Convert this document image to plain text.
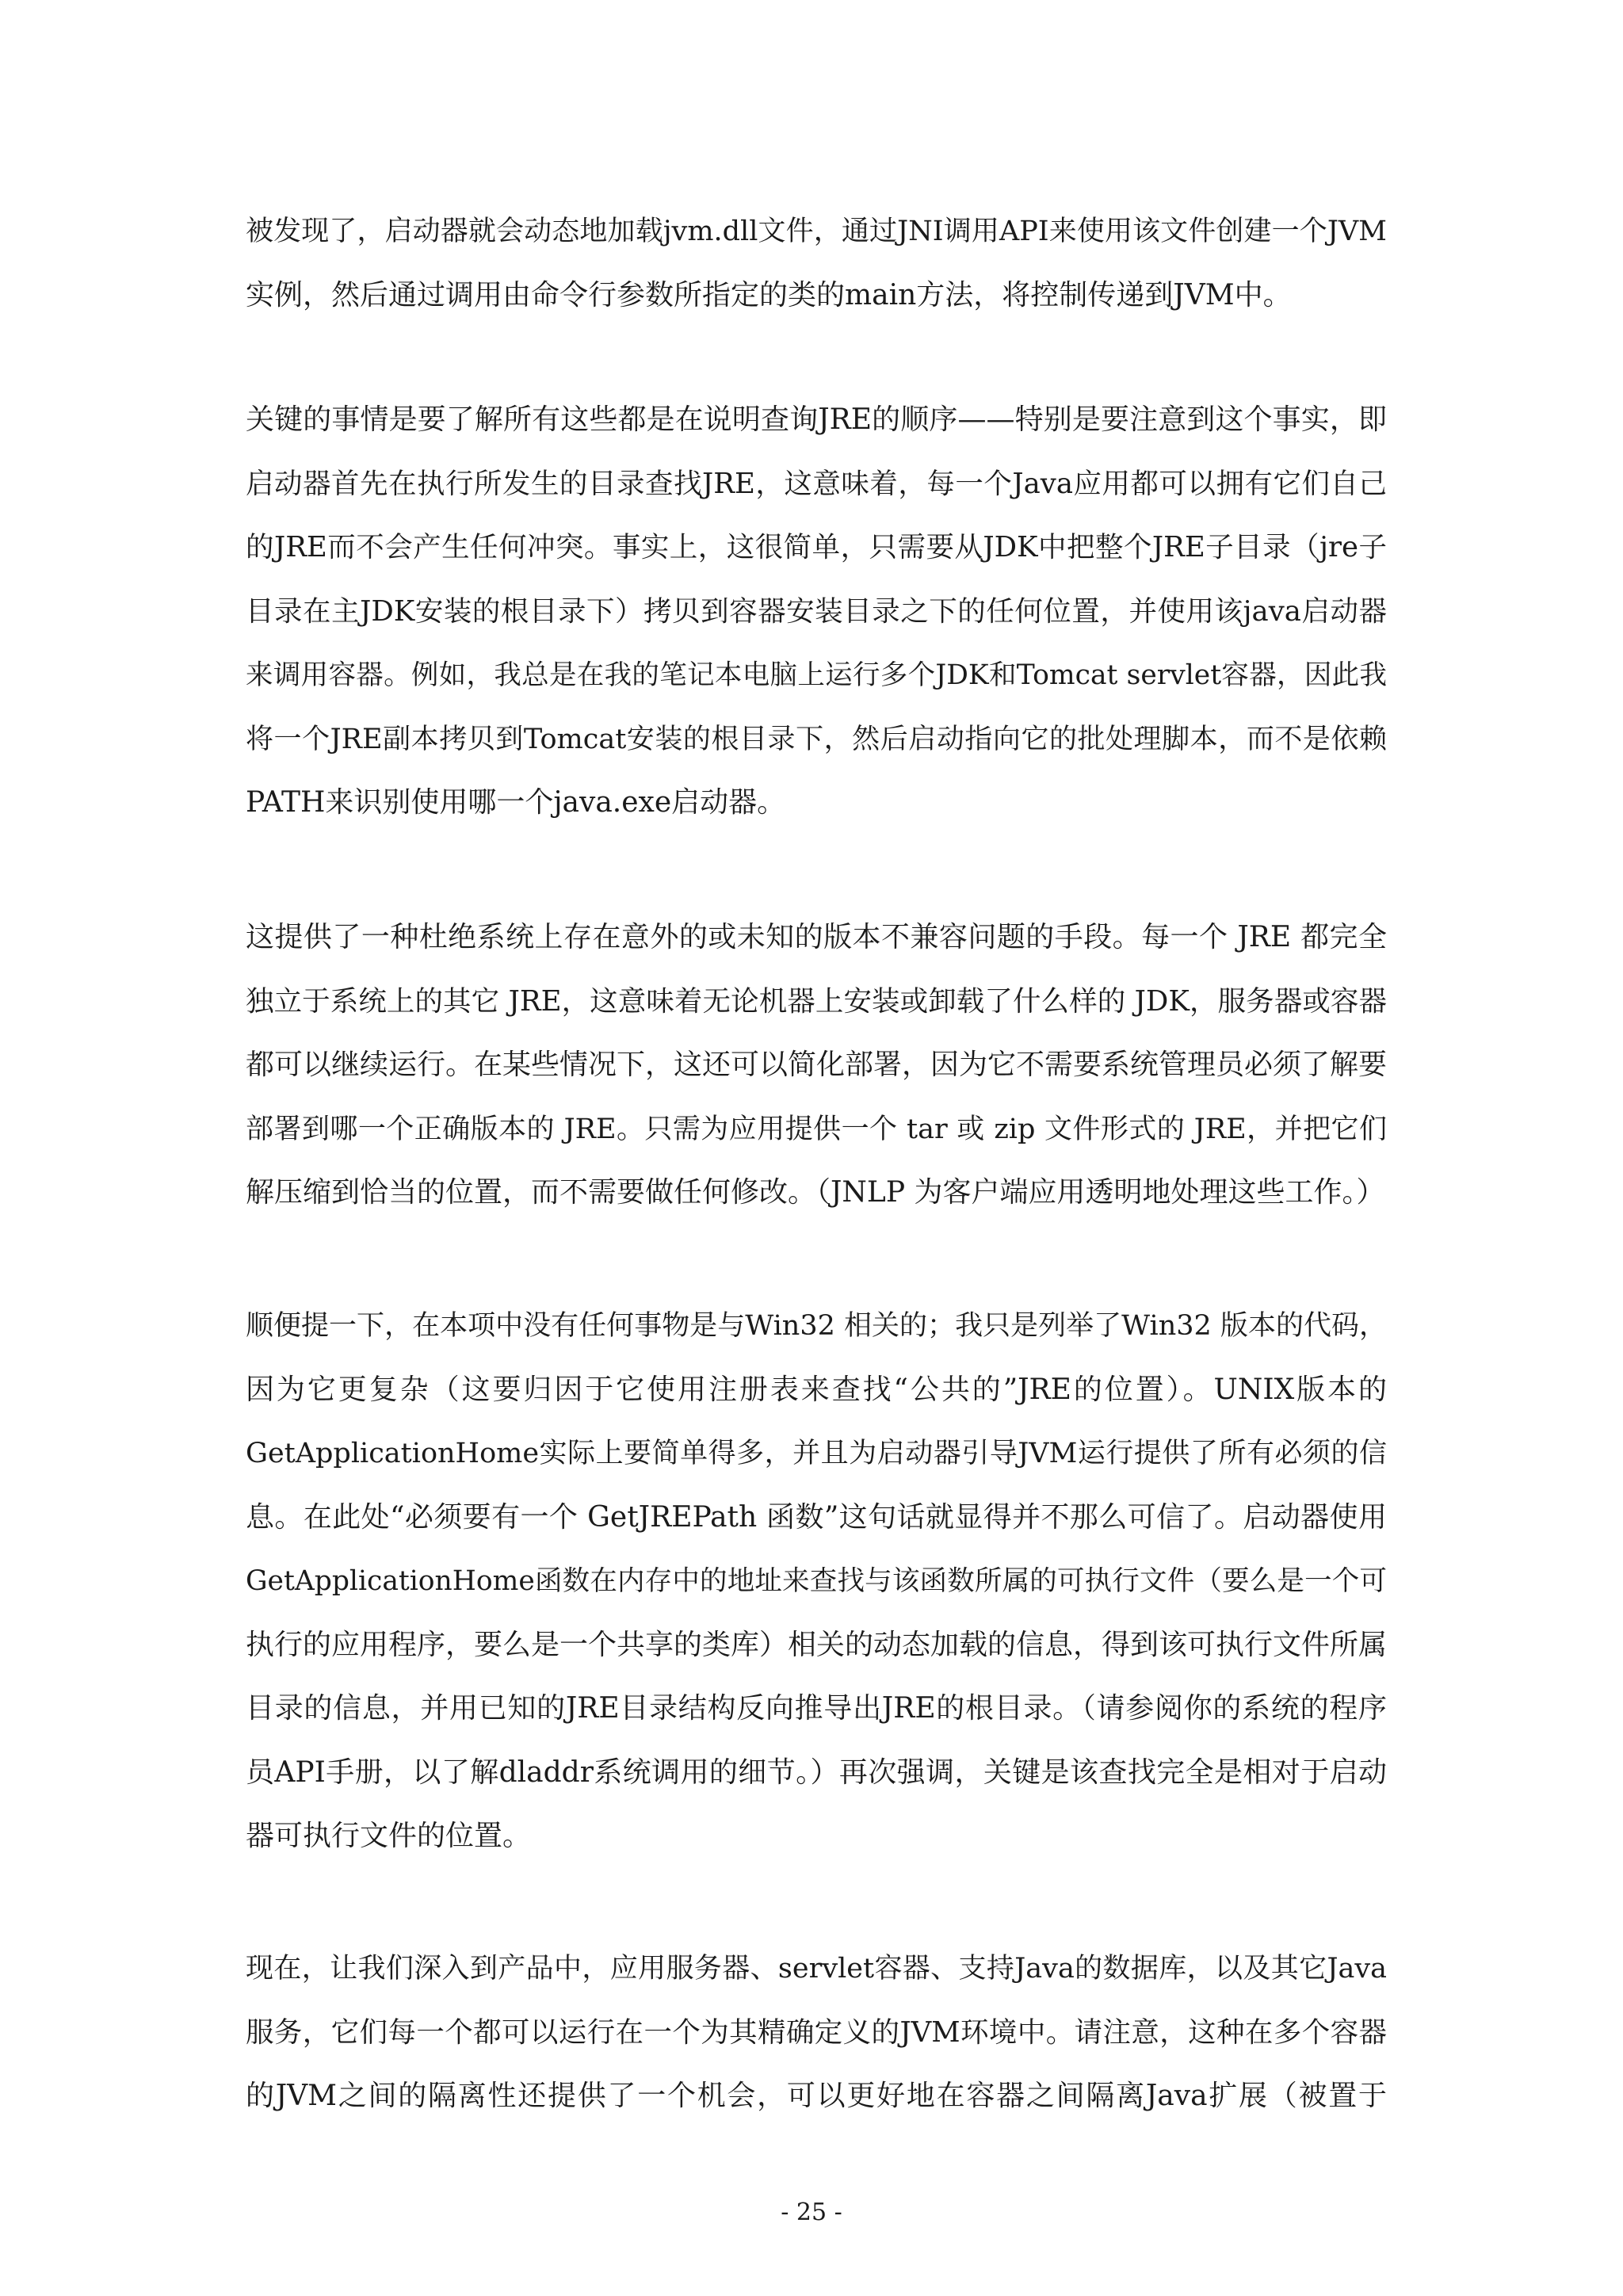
被发现了，启动器就会动态地加载jvm.dll文件，通过JNI调用API来使用该文件创建一个JVM
实例，然后通过调用由命令行参数所指定的类的main方法，将控制传递到JVM中。
关键的事情是要了解所有这些都是在说明查询JRE的顺序——特别是要注意到这个事实，即
启动器首先在执行所发生的目录查找JRE，这意味着，每一个Java应用都可以拥有它们自己
的JRE而不会产生任何冲突。事实上，这很简单，只需要从JDK中把整个JRE子目录（jre子
目录在主JDK安装的根目录下）拷贝到容器安装目录之下的任何位置，并使用该java启动器
来调用容器。例如，我总是在我的笔记本电脑上运行多个JDK和Tomcat servlet容器，因此我
将一个JRE副本拷贝到Tomcat安装的根目录下，然后启动指向它的批处理脚本，而不是依赖
PATH来识别使用哪一个java.exe启动器。
这提供了一种杜绝系统上存在意外的或未知的版本不兼容问题的手段。每一个 JRE 都完全
独立于系统上的其它 JRE，这意味着无论机器上安装或卸载了什么样的 JDK，服务器或容器
都可以继续运行。在某些情况下，这还可以简化部署，因为它不需要系统管理员必须了解要
部署到哪一个正确版本的 JRE。只需为应用提供一个 tar 或 zip 文件形式的 JRE，并把它们
解压缩到恰当的位置，而不需要做任何修改。（JNLP 为客户端应用透明地处理这些工作。）
顺便提一下，在本项中没有任何事物是与Win32 相关的；我只是列举了Win32 版本的代码，
因为它更复杂（这要归因于它使用注册表来查找“公共的”JRE的位置）。UNIX版本的
GetApplicationHome实际上要简单得多，并且为启动器引导JVM运行提供了所有必须的信
息。在此处“必须要有一个 GetJREPath 函数”这句话就显得并不那么可信了。启动器使用
GetApplicationHome函数在内存中的地址来查找与该函数所属的可执行文件（要么是一个可
执行的应用程序，要么是一个共享的类库）相关的动态加载的信息，得到该可执行文件所属
目录的信息，并用已知的JRE目录结构反向推导出JRE的根目录。（请参阅你的系统的程序
员API手册，以了解dladdr系统调用的细节。）再次强调，关键是该查找完全是相对于启动
器可执行文件的位置。
现在，让我们深入到产品中，应用服务器、servlet容器、支持Java的数据库，以及其它Java
服务，它们每一个都可以运行在一个为其精确定义的JVM环境中。请注意，这种在多个容器
的JVM之间的隔离性还提供了一个机会，可以更好地在容器之间隔离Java扩展（被置于
- 25 -
